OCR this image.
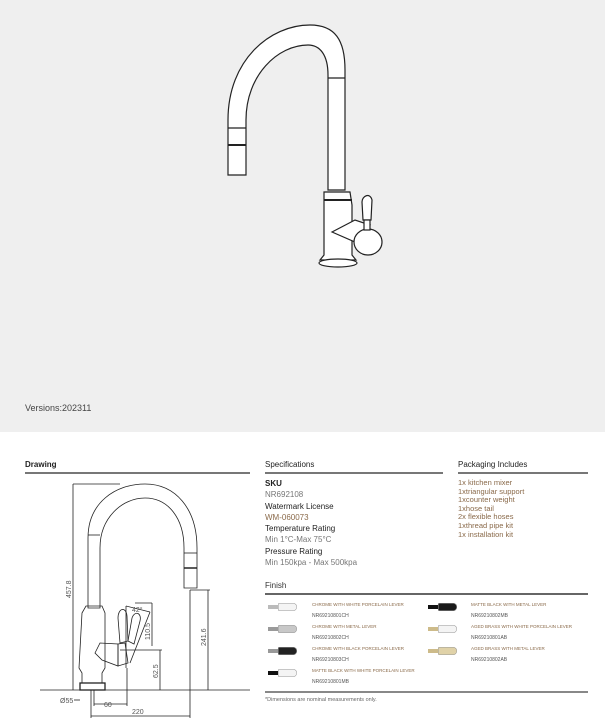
Versions:202311
Drawing	Specifications	Packaging Includes
457.8
241.6
110.5
62.5
Ø55
60
220
42°
SKU
NR692108
Watermark License
WM-060073
Temperature Rating
Min 1°C-Max 75°C
Pressure Rating
Min 150kpa - Max 500kpa
1x kitchen mixer
1xtriangular support
1xcounter weight
1xhose tail
2x flexible hoses
1xthread pipe kit
1x installation kit
Finish
CHROME WITH WHITE PORCELAIN LEVER
NR69210801CH
CHROME WITH METAL LEVER
NR69210802CH
CHROME WITH BLACK PORCELAIN LEVER
NR69210803CH
MATTE BLACK WITH WHITE PORCELAIN LEVER
NR69210801MB
MATTE BLACK WITH METAL LEVER
NR69210802MB
AGED BRASS WITH WHITE PORCELAIN LEVER
NR69210801AB
AGED BRASS WITH METAL LEVER
NR69210802AB
*Dimensions are nominal measurements only.
